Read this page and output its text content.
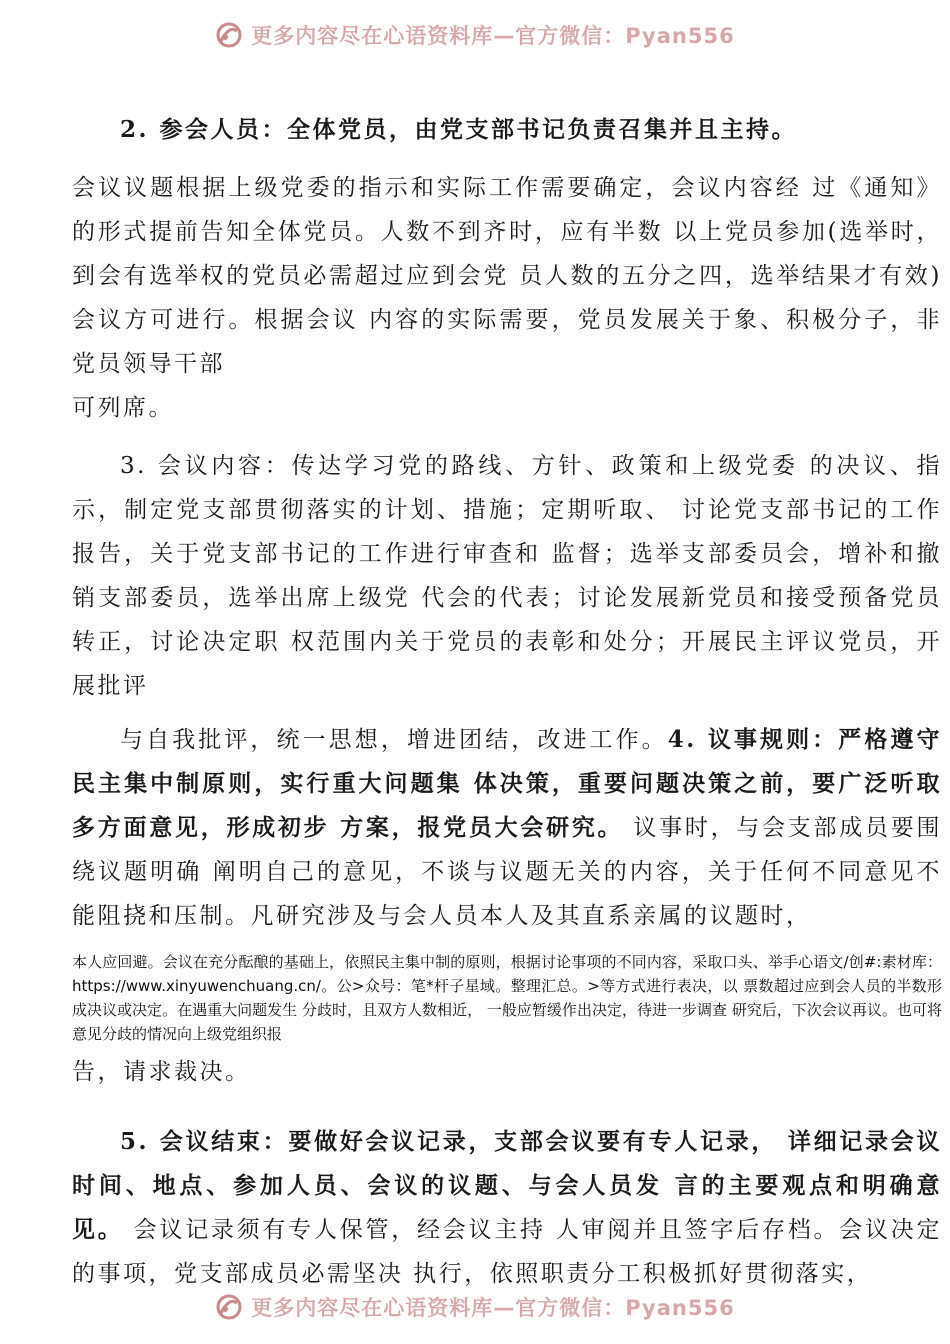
更多内容尽在心语资料库—官方微信：Pyan556

2. 参会人员：全体党员，由党支部书记负责召集并且主持。

会议议题根据上级党委的指示和实际工作需要确定，会议内容经 过《通知》的形式提前告知全体党员。人数不到齐时，应有半数 以上党员参加(选举时，到会有选举权的党员必需超过应到会党 员人数的五分之四，选举结果才有效)会议方可进行。根据会议 内容的实际需要，党员发展关于象、积极分子，非党员领导干部

可列席。

3. 会议内容：传达学习党的路线、方针、政策和上级党委 的决议、指示，制定党支部贯彻落实的计划、措施；定期听取、 讨论党支部书记的工作报告，关于党支部书记的工作进行审查和 监督；选举支部委员会，增补和撤销支部委员，选举出席上级党 代会的代表；讨论发展新党员和接受预备党员转正，讨论决定职 权范围内关于党员的表彰和处分；开展民主评议党员，开展批评

与自我批评，统一思想，增进团结，改进工作。4. 议事规则：严格遵守民主集中制原则，实行重大问题集 体决策，重要问题决策之前，要广泛听取多方面意见，形成初步 方案，报党员大会研究。 议事时，与会支部成员要围绕议题明确 阐明自己的意见，不谈与议题无关的内容，关于任何不同意见不 能阻挠和压制。凡研究涉及与会人员本人及其直系亲属的议题时，

本人应回避。会议在充分酝酿的基础上，依照民主集中制的原则，根据讨论事项的不同内容，采取口头、举手心语文/创#:素材库：https://www.xinyuwenchuang.cn/。公>众号：笔*杆子星域。整理汇总。>等方式进行表决，以 票数超过应到会人员的半数形成决议或决定。在遇重大问题发生 分歧时，且双方人数相近， 一般应暂缓作出决定，待进一步调查 研究后，下次会议再议。也可将意见分歧的情况向上级党组织报

告，请求裁决。

5. 会议结束：要做好会议记录，支部会议要有专人记录， 详细记录会议时间、地点、参加人员、会议的议题、与会人员发 言的主要观点和明确意见。 会议记录须有专人保管，经会议主持 人审阅并且签字后存档。会议决定的事项，党支部成员必需坚决 执行，依照职责分工积极抓好贯彻落实，

更多内容尽在心语资料库—官方微信：Pyan556
